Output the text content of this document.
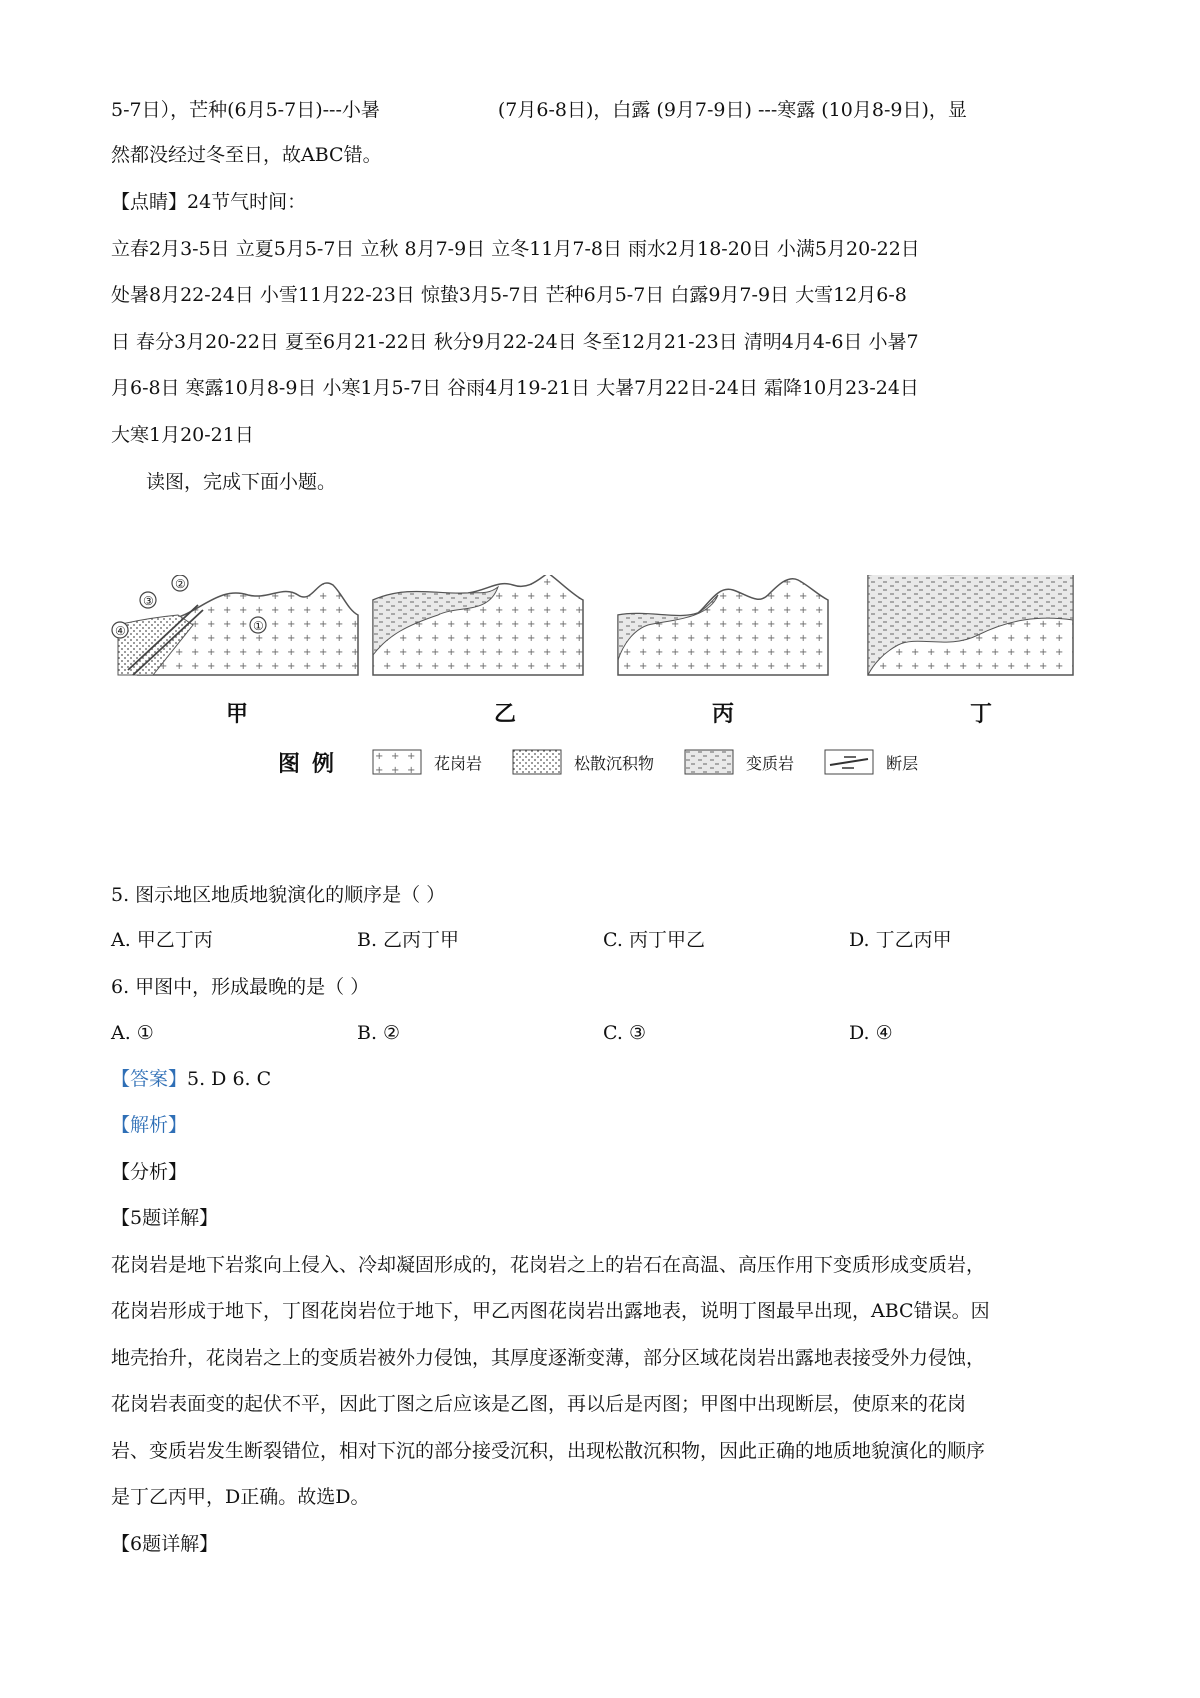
5-7日），芒种(6月5-7日)---小暑	(7月6-8日)，白露 (9月7-9日) ---寒露 (10月8-9日)，显
然都没经过冬至日，故ABC错。
【点睛】24节气时间：
立春2月3-5日 立夏5月5-7日 立秋 8月7-9日 立冬11月7-8日 雨水2月18-20日 小满5月20-22日
处暑8月22-24日 小雪11月22-23日 惊蛰3月5-7日 芒种6月5-7日 白露9月7-9日 大雪12月6-8
日 春分3月20-22日 夏至6月21-22日 秋分9月22-24日 冬至12月21-23日 清明4月4-6日 小暑7
月6-8日 寒露10月8-9日 小寒1月5-7日 谷雨4月19-21日 大暑7月22日-24日 霜降10月23-24日
大寒1月20-21日
读图，完成下面小题。
③
②
①
④
甲	乙	丙	丁
图例	花岗岩	松散沉积物	变质岩	断层
5. 图示地区地质地貌演化的顺序是（ ）
A. 甲乙丁丙	B. 乙丙丁甲	C. 丙丁甲乙	D. 丁乙丙甲
6. 甲图中，形成最晚的是（ ）
A. ①	B. ②	C. ③	D. ④
【答案】5. D 6. C
【解析】
【分析】
【5题详解】
花岗岩是地下岩浆向上侵入、冷却凝固形成的，花岗岩之上的岩石在高温、高压作用下变质形成变质岩，
花岗岩形成于地下，丁图花岗岩位于地下，甲乙丙图花岗岩出露地表，说明丁图最早出现，ABC错误。因
地壳抬升，花岗岩之上的变质岩被外力侵蚀，其厚度逐渐变薄，部分区域花岗岩出露地表接受外力侵蚀，
花岗岩表面变的起伏不平，因此丁图之后应该是乙图，再以后是丙图；甲图中出现断层，使原来的花岗
岩、变质岩发生断裂错位，相对下沉的部分接受沉积，出现松散沉积物，因此正确的地质地貌演化的顺序
是丁乙丙甲，D正确。故选D。
【6题详解】
